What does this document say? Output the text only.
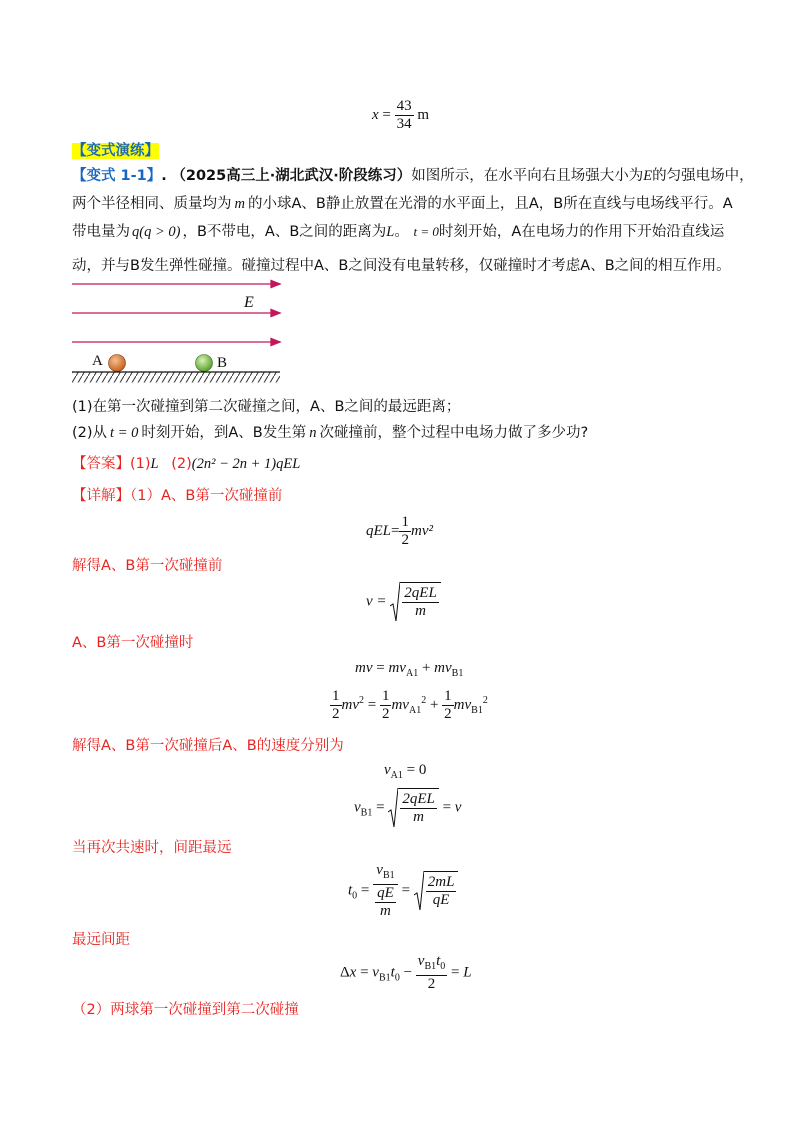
$x = \frac{43}{34}$ m
【变式演练】
【变式 1-1】. （2025高三上·湖北武汉·阶段练习）如图所示，在水平向右且场强大小为E的匀强电场中，
两个半径相同、质量均为 m 的小球A、B静止放置在光滑的水平面上，且A，B所在直线与电场线平行。A
带电量为 q(q > 0) ，B不带电，A、B之间的距离为L。 t = 0时刻开始，A在电场力的作用下开始沿直线运
动，并与B发生弹性碰撞。碰撞过程中A、B之间没有电量转移，仅碰撞时才考虑A、B之间的相互作用。
E
A	B
(1)在第一次碰撞到第二次碰撞之间，A、B之间的最远距离；
(2)从 t = 0 时刻开始，到A、B发生第 n 次碰撞前，整个过程中电场力做了多少功?
【答案】(1)L (2)(2n² − 2n + 1)qEL
【详解】（1）A、B第一次碰撞前
$qEL= \frac{1}{2} mv^2$
解得A、B第一次碰撞前
$v = \frac{\text{2qEL}}{m}$
A、B第一次碰撞时
mv = $mv_{A1} + mv_{B1}$
$\frac{1}{2} mv^2 = \frac{1}{2} mv_{A1}^2 + \frac{1}{2} mv_{B1}^2$
解得A、B第一次碰撞后A、B的速度分别为
$v_{A1} = 0$
$v_{B1} = \frac{\text{2qEL}}{m} = v$
当再次共速时，间距最远
$t_0 = \frac{v_{B1}}{\frac{qE}{m}} = \frac{2mL}{qE}$
最远间距
$\Delta x = v_{B1}t_0 - \frac{v_{B1}t_0}{2} = L$
（2）两球第一次碰撞到第二次碰撞
